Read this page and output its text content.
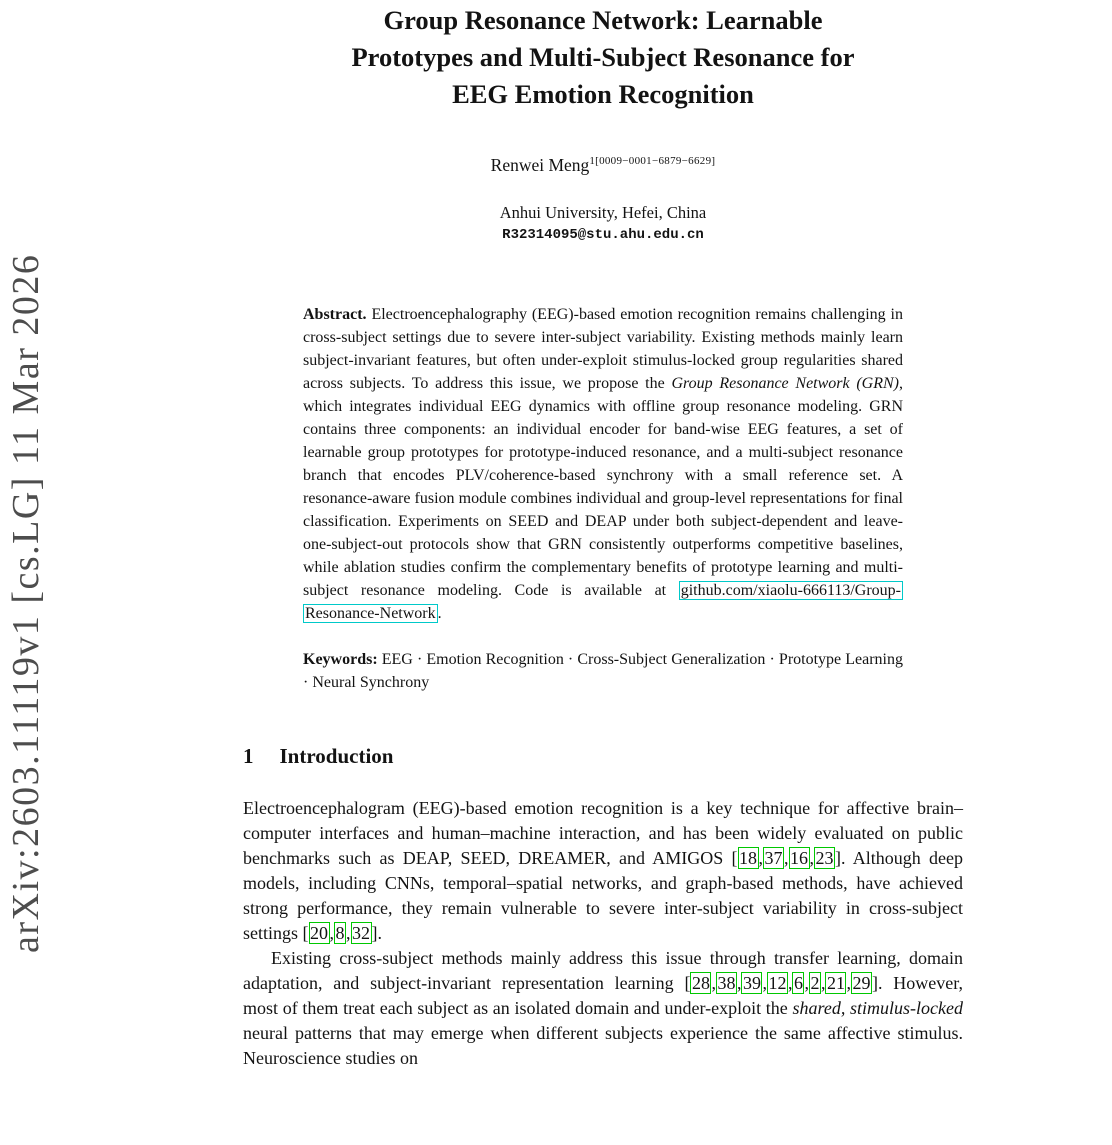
arXiv:2603.11119v1 [cs.LG] 11 Mar 2026
Group Resonance Network: Learnable
Prototypes and Multi-Subject Resonance for
EEG Emotion Recognition
Renwei Meng$^{1[0009-0001-6879-6629]}$
Anhui University, Hefei, China
R32314095@stu.ahu.edu.cn
Abstract. Electroencephalography (EEG)-based emotion recognition remains challenging in cross-subject settings due to severe inter-subject variability. Existing methods mainly learn subject-invariant features, but often under-exploit stimulus-locked group regularities shared across subjects. To address this issue, we propose the Group Resonance Network (GRN), which integrates individual EEG dynamics with offline group resonance modeling. GRN contains three components: an individual encoder for band-wise EEG features, a set of learnable group prototypes for prototype-induced resonance, and a multi-subject resonance branch that encodes PLV/coherence-based synchrony with a small reference set. A resonance-aware fusion module combines individual and group-level representations for final classification. Experiments on SEED and DEAP under both subject-dependent and leave-one-subject-out protocols show that GRN consistently outperforms competitive baselines, while ablation studies confirm the complementary benefits of prototype learning and multi-subject resonance modeling. Code is available at github.com/xiaolu-666113/Group-Resonance-Network .
Keywords: EEG · Emotion Recognition · Cross-Subject Generalization · Prototype Learning · Neural Synchrony
1 Introduction

Electroencephalogram (EEG)-based emotion recognition is a key technique for affective brain–computer interfaces and human–machine interaction, and has been widely evaluated on public benchmarks such as DEAP, SEED, DREAMER, and AMIGOS [18,37,16,23]. Although deep models, including CNNs, temporal–spatial networks, and graph-based methods, have achieved strong performance, they remain vulnerable to severe inter-subject variability in cross-subject settings [20,8,32].

Existing cross-subject methods mainly address this issue through transfer learning, domain adaptation, and subject-invariant representation learning [28,38,39,12,6,2,21,29]. However, most of them treat each subject as an isolated domain and under-exploit the shared, stimulus-locked neural patterns that may emerge when different subjects experience the same affective stimulus. Neuroscience studies on
